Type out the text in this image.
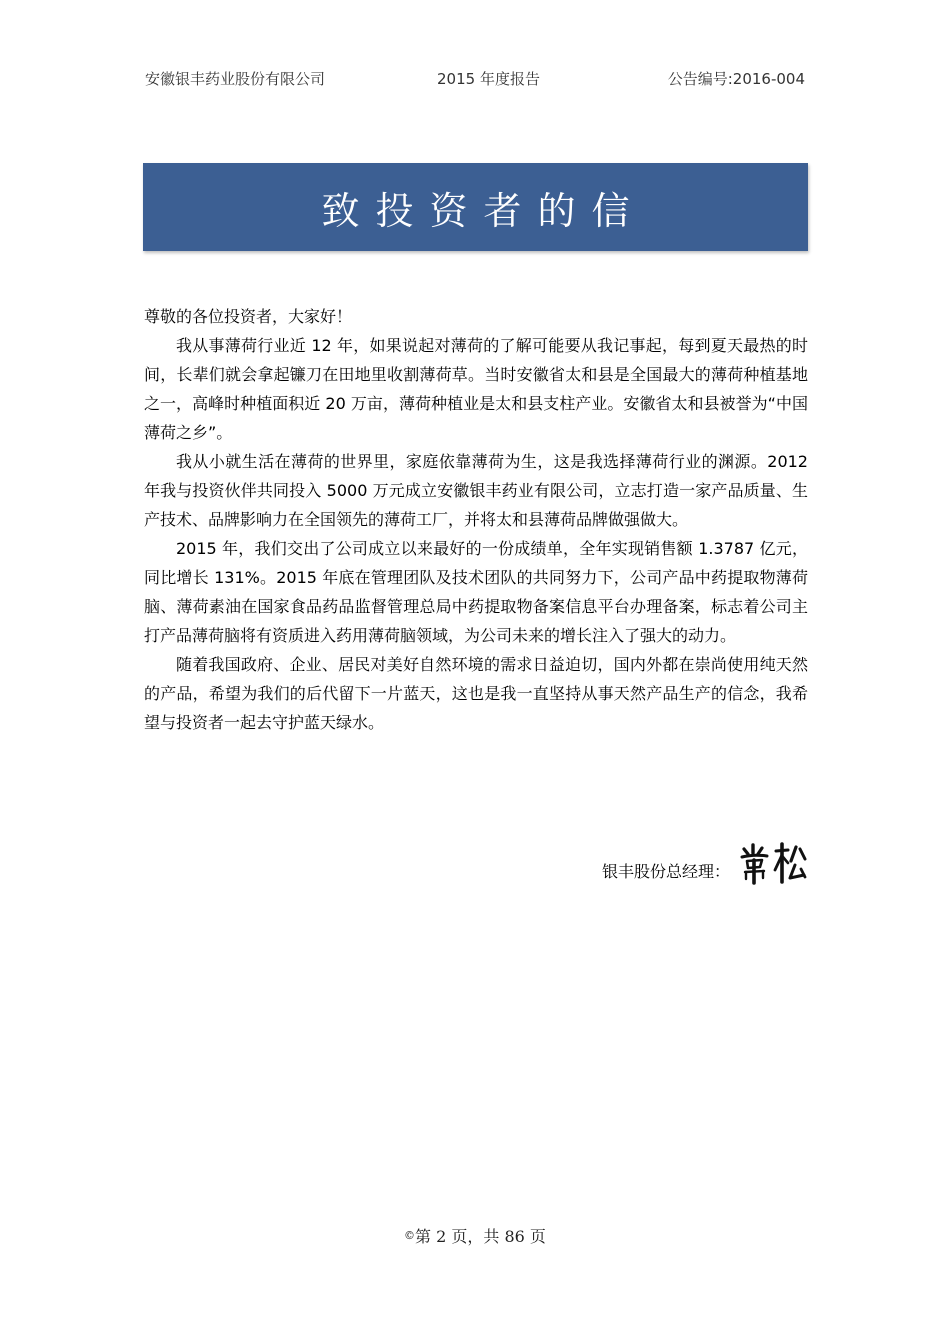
安徽银丰药业股份有限公司	2015 年度报告	公告编号:2016-004
致投资者的信

尊敬的各位投资者，大家好！

我从事薄荷行业近 12 年，如果说起对薄荷的了解可能要从我记事起，每到夏天最热的时间，长辈们就会拿起镰刀在田地里收割薄荷草。当时安徽省太和县是全国最大的薄荷种植基地之一，高峰时种植面积近 20 万亩，薄荷种植业是太和县支柱产业。安徽省太和县被誉为“中国薄荷之乡”。

我从小就生活在薄荷的世界里，家庭依靠薄荷为生，这是我选择薄荷行业的渊源。2012 年我与投资伙伴共同投入 5000 万元成立安徽银丰药业有限公司，立志打造一家产品质量、生产技术、品牌影响力在全国领先的薄荷工厂，并将太和县薄荷品牌做强做大。

2015 年，我们交出了公司成立以来最好的一份成绩单，全年实现销售额 1.3787 亿元，同比增长 131%。2015 年底在管理团队及技术团队的共同努力下，公司产品中药提取物薄荷脑、薄荷素油在国家食品药品监督管理总局中药提取物备案信息平台办理备案，标志着公司主打产品薄荷脑将有资质进入药用薄荷脑领域，为公司未来的增长注入了强大的动力。

随着我国政府、企业、居民对美好自然环境的需求日益迫切，国内外都在崇尚使用纯天然的产品，希望为我们的后代留下一片蓝天，这也是我一直坚持从事天然产品生产的信念，我希望与投资者一起去守护蓝天绿水。

银丰股份总经理：
©第 2 页，共 86 页
